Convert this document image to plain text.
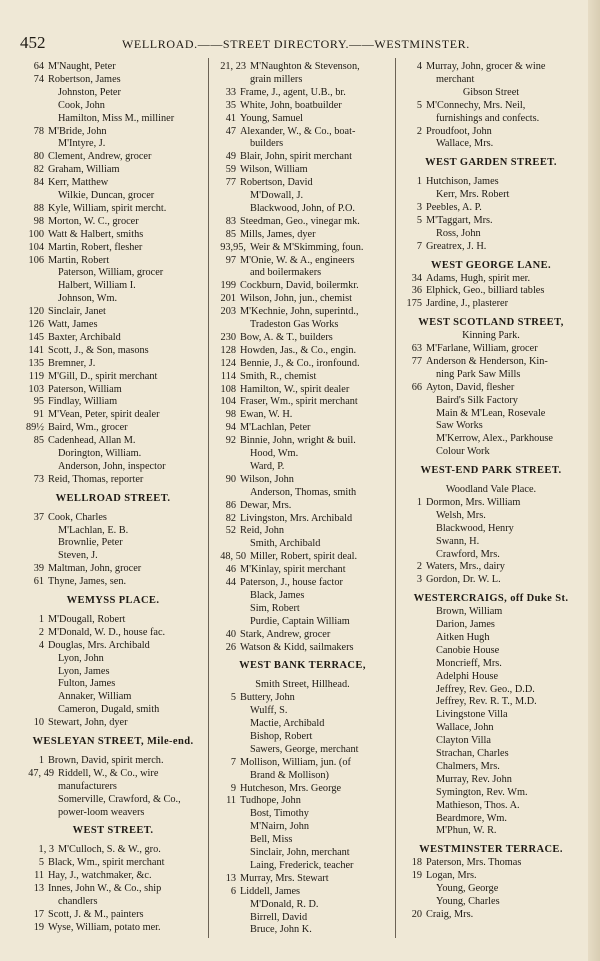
452	WELLROAD.——STREET DIRECTORY.——WESTMINSTER.
64 M'Naught, Peter
74 Robertson, James
Johnston, Peter
Cook, John
Hamilton, Miss M., milliner
78 M'Bride, John
M'Intyre, J.
80 Clement, Andrew, grocer
82 Graham, William
84 Kerr, Matthew
Wilkie, Duncan, grocer
88 Kyle, William, spirit mercht.
98 Morton, W. C., grocer
100 Watt & Halbert, smiths
104 Martin, Robert, flesher
106 Martin, Robert
Paterson, William, grocer
Halbert, William I.
Johnson, Wm.
120 Sinclair, Janet
126 Watt, James
145 Baxter, Archibald
141 Scott, J., & Son, masons
135 Bremner, J.
119 M'Gill, D., spirit merchant
103 Paterson, William
95 Findlay, William
91 M'Vean, Peter, spirit dealer
89½ Baird, Wm., grocer
85 Cadenhead, Allan M.
Dorington, William.
Anderson, John, inspector
73 Reid, Thomas, reporter
WELLROAD STREET.
37 Cook, Charles
M'Lachlan, E. B.
Brownlie, Peter
Steven, J.
39 Maltman, John, grocer
61 Thyne, James, sen.
WEMYSS PLACE.
1 M'Dougall, Robert
2 M'Donald, W. D., house fac.
4 Douglas, Mrs. Archibald
Lyon, John
Lyon, James
Fulton, James
Annaker, William
Cameron, Dugald, smith
10 Stewart, John, dyer
WESLEYAN STREET, Mile-end.
1 Brown, David, spirit merch.
47, 49 Riddell, W., & Co., wire
manufacturers
Somerville, Crawford, & Co.,
power-loom weavers
WEST STREET.
1, 3 M'Culloch, S. & W., gro.
5 Black, Wm., spirit merchant
11 Hay, J., watchmaker, &c.
13 Innes, John W., & Co., ship
chandlers
17 Scott, J. & M., painters
19 Wyse, William, potato mer.
21, 23 M'Naughton & Stevenson,
grain millers
33 Frame, J., agent, U.B., br.
35 White, John, boatbuilder
41 Young, Samuel
47 Alexander, W., & Co., boat-
builders
49 Blair, John, spirit merchant
59 Wilson, William
77 Robertson, David
M'Dowall, J.
Blackwood, John, of P.O.
83 Steedman, Geo., vinegar mk.
85 Mills, James, dyer
93,95, Weir & M'Skimming, foun.
97 M'Onie, W. & A., engineers
and boilermakers
199 Cockburn, David, boilermkr.
201 Wilson, John, jun., chemist
203 M'Kechnie, John, superintd.,
Tradeston Gas Works
230 Bow, A. & T., builders
128 Howden, Jas., & Co., engin.
124 Bennie, J., & Co., ironfound.
114 Smith, R., chemist
108 Hamilton, W., spirit dealer
104 Fraser, Wm., spirit merchant
98 Ewan, W. H.
94 M'Lachlan, Peter
92 Binnie, John, wright & buil.
Hood, Wm.
Ward, P.
90 Wilson, John
Anderson, Thomas, smith
86 Dewar, Mrs.
82 Livingston, Mrs. Archibald
52 Reid, John
Smith, Archibald
48, 50 Miller, Robert, spirit deal.
46 M'Kinlay, spirit merchant
44 Paterson, J., house factor
Black, James
Sim, Robert
Purdie, Captain William
40 Stark, Andrew, grocer
26 Watson & Kidd, sailmakers
WEST BANK TERRACE,
Smith Street, Hillhead.
5 Buttery, John
Wulff, S.
Mactie, Archibald
Bishop, Robert
Sawers, George, merchant
7 Mollison, William, jun. (of
Brand & Mollison)
9 Hutcheson, Mrs. George
11 Tudhope, John
Bost, Timothy
M'Nairn, John
Bell, Miss
Sinclair, John, merchant
Laing, Frederick, teacher
13 Murray, Mrs. Stewart
6 Liddell, James
M'Donald, R. D.
Birrell, David
Bruce, John K.
4 Murray, John, grocer & wine
merchant
Gibson Street
5 M'Connechy, Mrs. Neil,
furnishings and confects.
2 Proudfoot, John
Wallace, Mrs.
WEST GARDEN STREET.
1 Hutchison, James
Kerr, Mrs. Robert
3 Peebles, A. P.
5 M'Taggart, Mrs.
Ross, John
7 Greatrex, J. H.
WEST GEORGE LANE.
34 Adams, Hugh, spirit mer.
36 Elphick, Geo., billiard tables
175 Jardine, J., plasterer
WEST SCOTLAND STREET,
Kinning Park.
63 M'Farlane, William, grocer
77 Anderson & Henderson, Kin-
ning Park Saw Mills
66 Ayton, David, flesher
Baird's Silk Factory
Main & M'Lean, Rosevale
Saw Works
M'Kerrow, Alex., Parkhouse
Colour Work
WEST-END PARK STREET.
Woodland Vale Place.
1 Dormon, Mrs. William
Welsh, Mrs.
Blackwood, Henry
Swann, H.
Crawford, Mrs.
2 Waters, Mrs., dairy
3 Gordon, Dr. W. L.
WESTERCRAIGS, off Duke St.
Brown, William
Darion, James
Aitken Hugh
Canobie House
Moncrieff, Mrs.
Adelphi House
Jeffrey, Rev. Geo., D.D.
Jeffrey, Rev. R. T., M.D.
Livingstone Villa
Wallace, John
Clayton Villa
Strachan, Charles
Chalmers, Mrs.
Murray, Rev. John
Symington, Rev. Wm.
Mathieson, Thos. A.
Beardmore, Wm.
M'Phun, W. R.
WESTMINSTER TERRACE.
18 Paterson, Mrs. Thomas
19 Logan, Mrs.
Young, George
Young, Charles
20 Craig, Mrs.
